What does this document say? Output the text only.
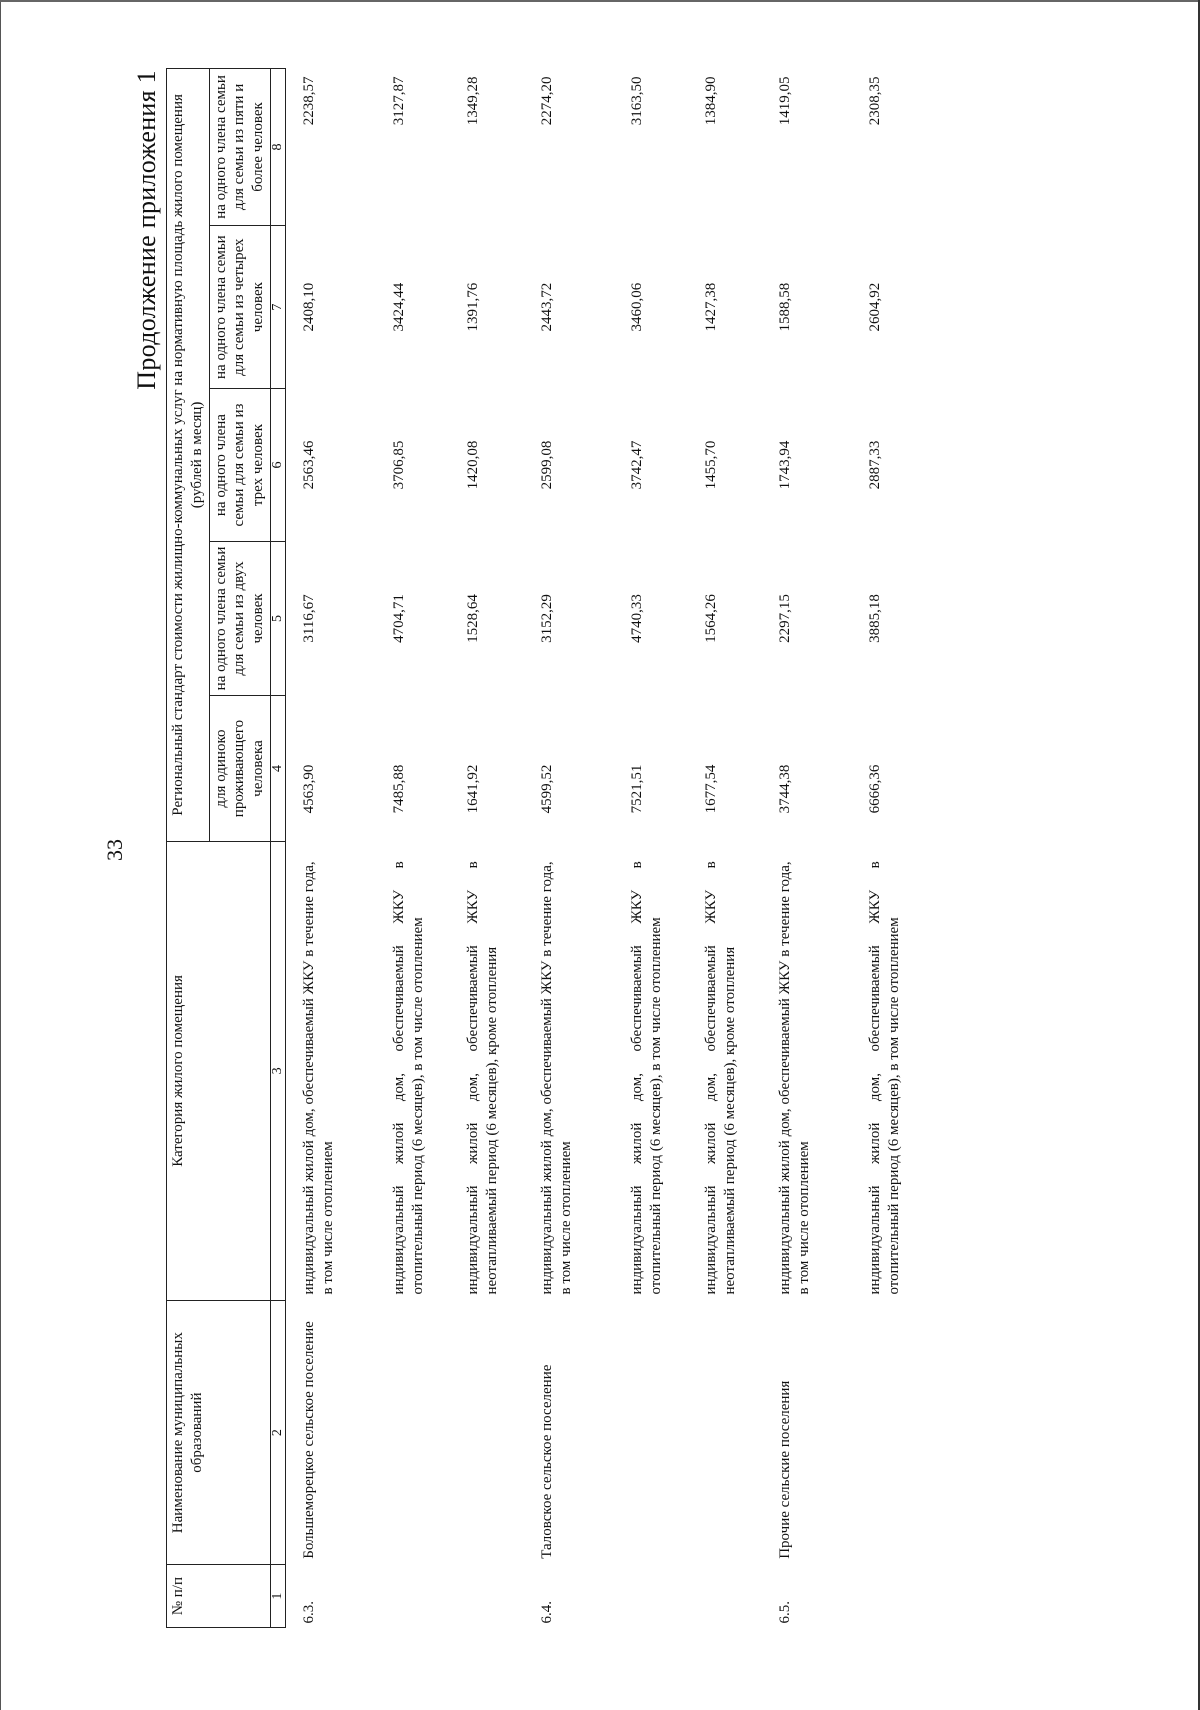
33
Продолжение приложения 1
№ п/п	Наименование муниципальных образований	Категория жилого помещения	Региональный стандарт стоимости жилищно-коммунальных услуг на нормативную площадь жилого помещения (рублей в месяц)				
			для одиноко проживающего человека	на одного члена семьи для семьи из двух человек	на одного члена семьи для семьи из трех человек	на одного члена семьи для семьи из четырех человек	на одного члена семьи для семьи из пяти и более человек
1	2	3	4	5	6	7	8
6.3.	Большеморецкое сельское поселение	индивидуальный жилой дом, обеспечиваемый ЖКУ в течение года, в том числе отоплением	4563,90	3116,67	2563,46	2408,10	2238,57
		индивидуальный жилой дом, обеспечиваемый ЖКУ в отопительный период (6 месяцев), в том числе отоплением	7485,88	4704,71	3706,85	3424,44	3127,87
		индивидуальный жилой дом, обеспечиваемый ЖКУ в неотапливаемый период (6 месяцев), кроме отопления	1641,92	1528,64	1420,08	1391,76	1349,28
6.4.	Таловское сельское поселение	индивидуальный жилой дом, обеспечиваемый ЖКУ в течение года, в том числе отоплением	4599,52	3152,29	2599,08	2443,72	2274,20
		индивидуальный жилой дом, обеспечиваемый ЖКУ в отопительный период (6 месяцев), в том числе отоплением	7521,51	4740,33	3742,47	3460,06	3163,50
		индивидуальный жилой дом, обеспечиваемый ЖКУ в неотапливаемый период (6 месяцев), кроме отопления	1677,54	1564,26	1455,70	1427,38	1384,90
6.5.	Прочие сельские поселения	индивидуальный жилой дом, обеспечиваемый ЖКУ в течение года, в том числе отоплением	3744,38	2297,15	1743,94	1588,58	1419,05
		индивидуальный жилой дом, обеспечиваемый ЖКУ в отопительный период (6 месяцев), в том числе отоплением	6666,36	3885,18	2887,33	2604,92	2308,35
